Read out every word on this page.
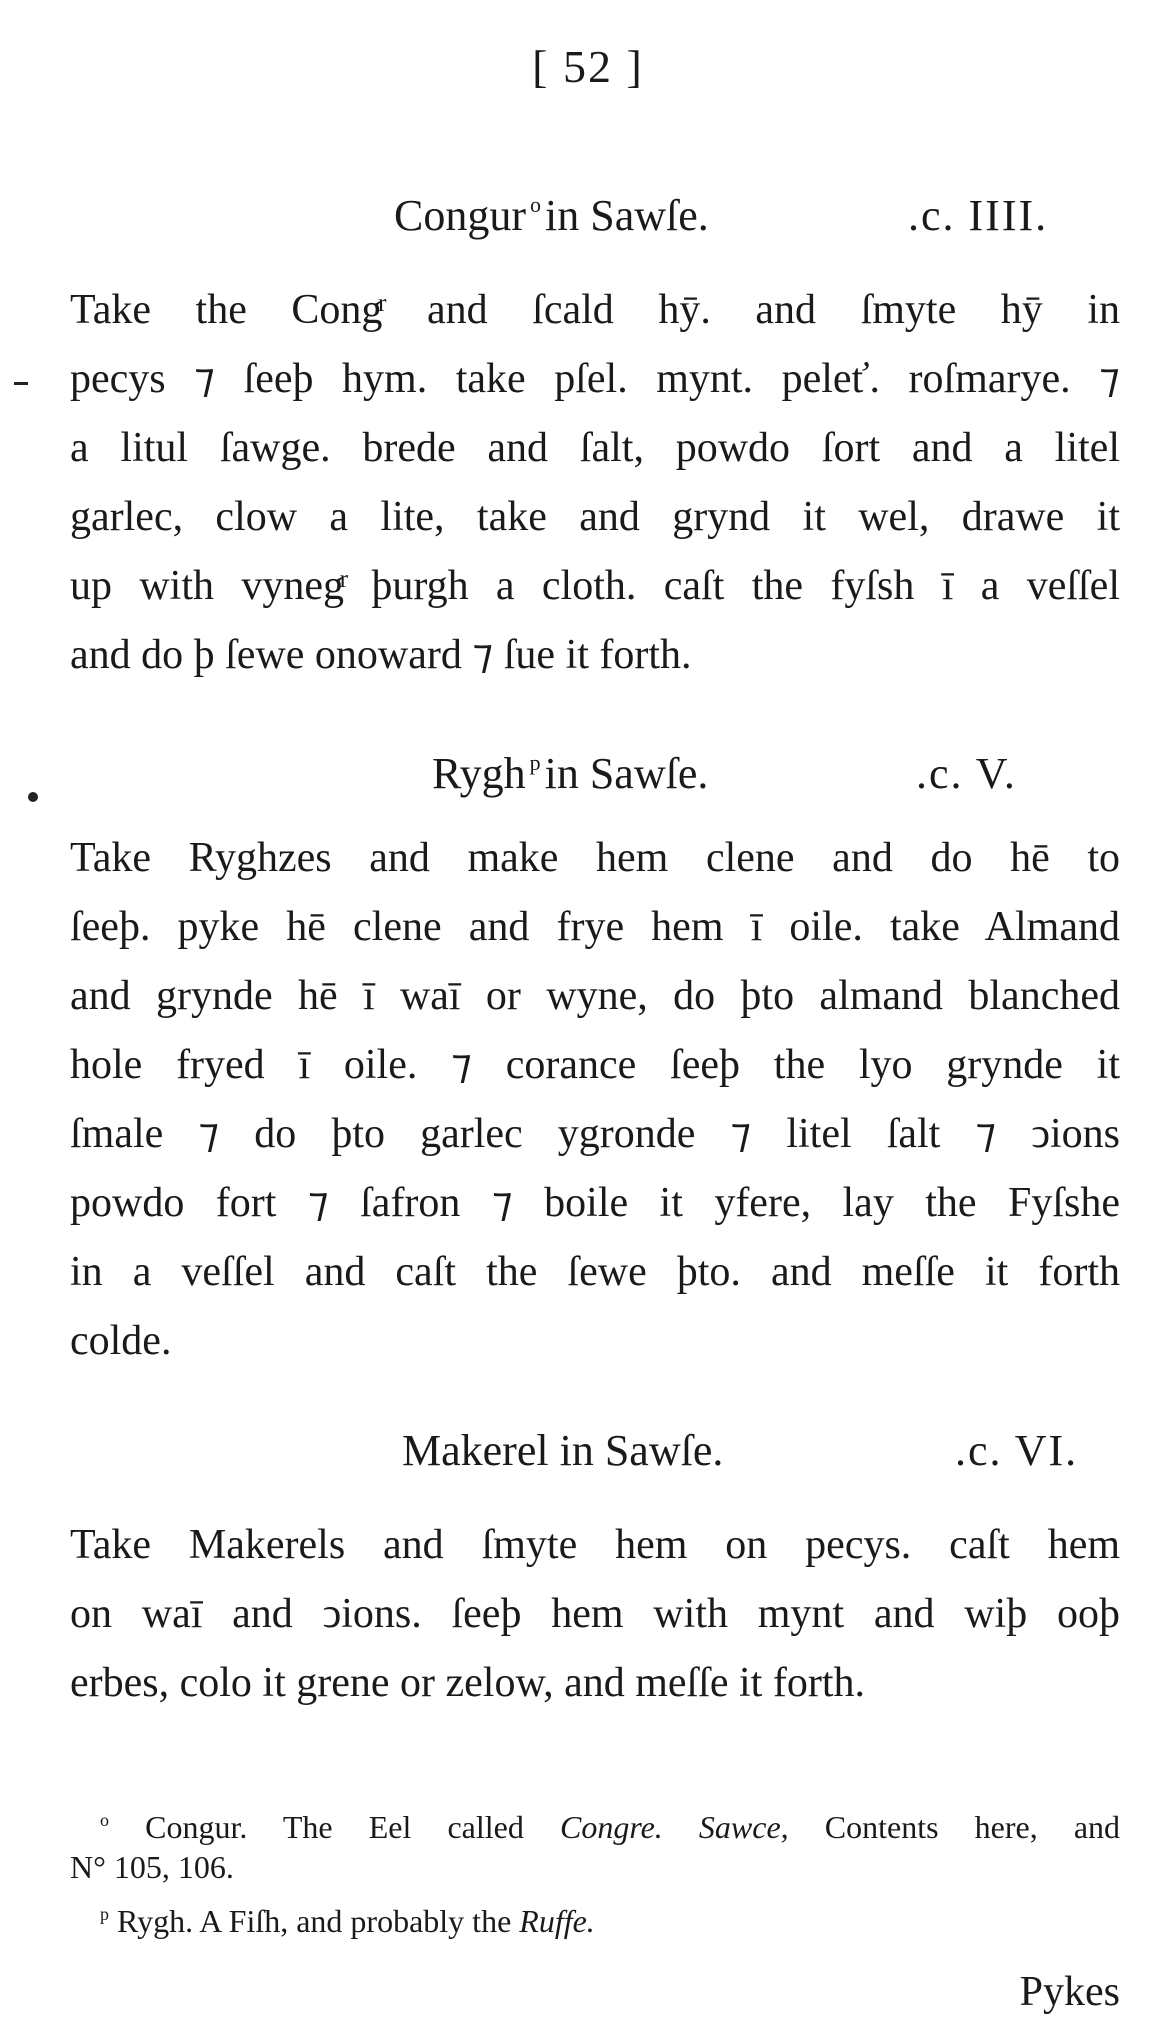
[ 52 ]
Congur $^o$in Sawſe.	.c. IIII.
Take the Congͬ and ſcald hȳ. and ſmyte hȳ in
pecys ⁊ ſeeþ hym. take pſel. mynt. peleť. roſmarye. ⁊
a litul ſawge. brede and ſalt, powdo ſort and a litel
garlec, clow a lite, take and grynd it wel, drawe it
up with vynegͬ þurgh a cloth. caſt the fyſsh ī a veſſel
and do þ ſewe onoward ⁊ ſue it forth.
Rygh $^p$in Sawſe.	.c. V.
Take Ryghzes and make hem clene and do hē to
ſeeþ. pyke hē clene and frye hem ī oile. take Almand
and grynde hē ī waī or wyne, do þto almand blanched
hole fryed ī oile. ⁊ corance ſeeþ the lyo grynde it
ſmale ⁊ do þto garlec ygronde ⁊ litel ſalt ⁊ ↄions
powdo fort ⁊ ſafron ⁊ boile it yfere, lay the Fyſshe
in a veſſel and caſt the ſewe þto. and meſſe it forth
colde.
Makerel in Sawſe.	.c. VI.
Take Makerels and ſmyte hem on pecys. caſt hem
on waī and ↄions. ſeeþ hem with mynt and wiþ ooþ
erbes, colo it grene or zelow, and meſſe it forth.
$^o$ Congur. The Eel called Congre. Sawce, Contents here, and
N° 105, 106.
$^p$ Rygh. A Fiſh, and probably the Ruffe.
Pykes
